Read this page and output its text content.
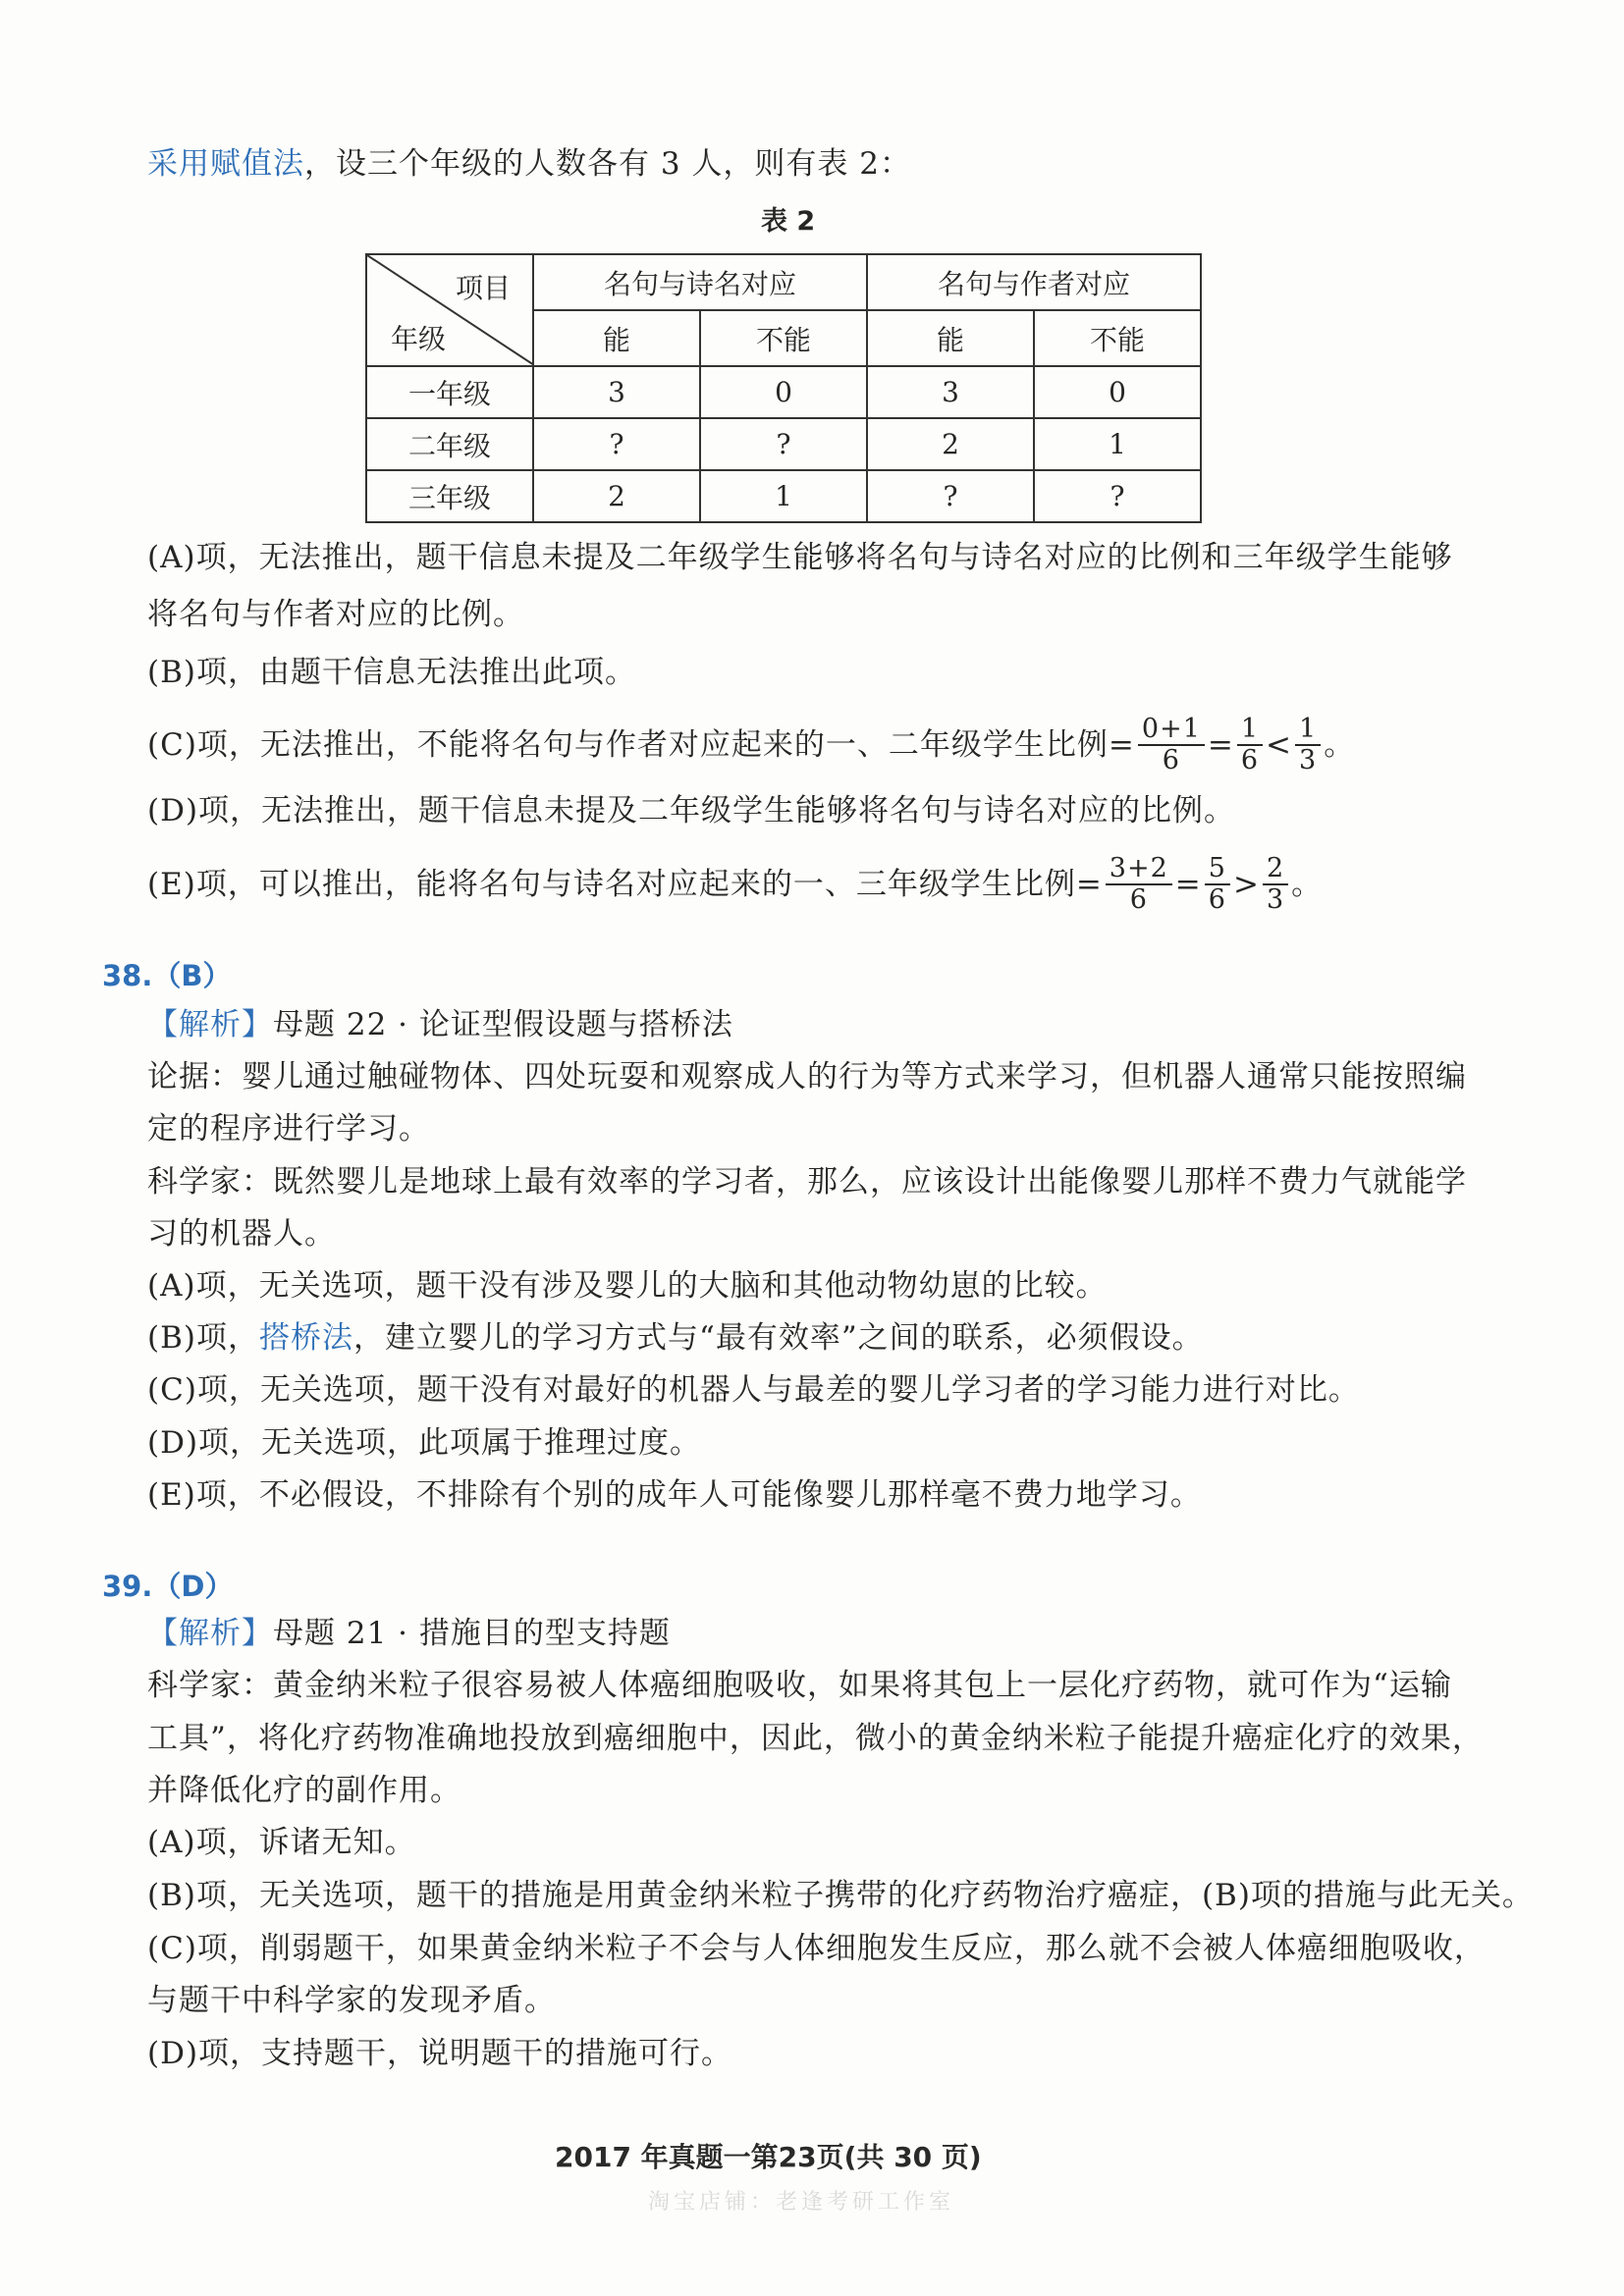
采用赋值法，设三个年级的人数各有 3 人，则有表 2：
表 2
项目
年级	名句与诗名对应		名句与作者对应	
	能	不能	能	不能
一年级	3	0	3	0
二年级	?	?	2	1
三年级	2	1	?	?
(A)项，无法推出，题干信息未提及二年级学生能够将名句与诗名对应的比例和三年级学生能够
将名句与作者对应的比例。
(B)项，由题干信息无法推出此项。
(C)项，无法推出，不能将名句与作者对应起来的一、二年级学生比例= $\frac{0+1}{6} = \frac{1}{6} < \frac{1}{3}$ 。
(D)项，无法推出，题干信息未提及二年级学生能够将名句与诗名对应的比例。
(E)项，可以推出，能将名句与诗名对应起来的一、三年级学生比例= $\frac{3+2}{6} = \frac{5}{6} > \frac{2}{3}$ 。
38.（B）
【解析】母题 22 · 论证型假设题与搭桥法
论据：婴儿通过触碰物体、四处玩耍和观察成人的行为等方式来学习，但机器人通常只能按照编
定的程序进行学习。
科学家：既然婴儿是地球上最有效率的学习者，那么，应该设计出能像婴儿那样不费力气就能学
习的机器人。
(A)项，无关选项，题干没有涉及婴儿的大脑和其他动物幼崽的比较。
(B)项，搭桥法，建立婴儿的学习方式与“最有效率”之间的联系，必须假设。
(C)项，无关选项，题干没有对最好的机器人与最差的婴儿学习者的学习能力进行对比。
(D)项，无关选项，此项属于推理过度。
(E)项，不必假设，不排除有个别的成年人可能像婴儿那样毫不费力地学习。
39.（D）
【解析】母题 21 · 措施目的型支持题
科学家：黄金纳米粒子很容易被人体癌细胞吸收，如果将其包上一层化疗药物，就可作为“运输
工具”，将化疗药物准确地投放到癌细胞中，因此，微小的黄金纳米粒子能提升癌症化疗的效果，
并降低化疗的副作用。
(A)项，诉诸无知。
(B)项，无关选项，题干的措施是用黄金纳米粒子携带的化疗药物治疗癌症，(B)项的措施与此无关。
(C)项，削弱题干，如果黄金纳米粒子不会与人体细胞发生反应，那么就不会被人体癌细胞吸收，
与题干中科学家的发现矛盾。
(D)项，支持题干，说明题干的措施可行。
2017 年真题一第23页(共 30 页)
淘宝店铺：老逢考研工作室
